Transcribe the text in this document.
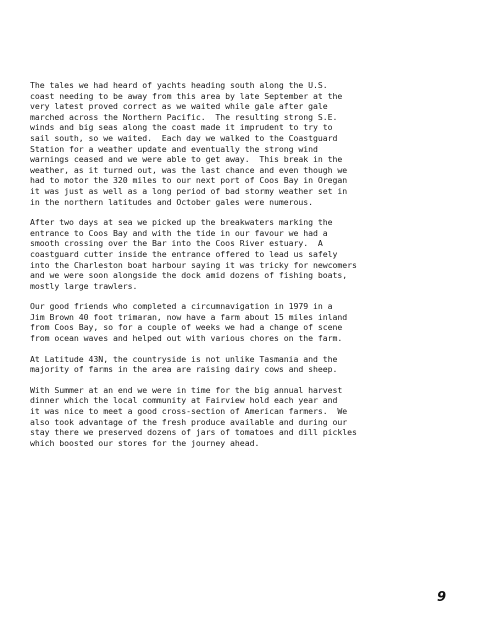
The tales we had heard of yachts heading south along the U.S.
coast needing to be away from this area by late September at the
very latest proved correct as we waited while gale after gale
marched across the Northern Pacific.  The resulting strong S.E.
winds and big seas along the coast made it imprudent to try to
sail south, so we waited.  Each day we walked to the Coastguard
Station for a weather update and eventually the strong wind
warnings ceased and we were able to get away.  This break in the
weather, as it turned out, was the last chance and even though we
had to motor the 320 miles to our next port of Coos Bay in Oregan
it was just as well as a long period of bad stormy weather set in
in the northern latitudes and October gales were numerous.
After two days at sea we picked up the breakwaters marking the
entrance to Coos Bay and with the tide in our favour we had a
smooth crossing over the Bar into the Coos River estuary.  A
coastguard cutter inside the entrance offered to lead us safely
into the Charleston boat harbour saying it was tricky for newcomers
and we were soon alongside the dock amid dozens of fishing boats,
mostly large trawlers.
Our good friends who completed a circumnavigation in 1979 in a
Jim Brown 40 foot trimaran, now have a farm about 15 miles inland
from Coos Bay, so for a couple of weeks we had a change of scene
from ocean waves and helped out with various chores on the farm.
At Latitude 43N, the countryside is not unlike Tasmania and the
majority of farms in the area are raising dairy cows and sheep.
With Summer at an end we were in time for the big annual harvest
dinner which the local community at Fairview hold each year and
it was nice to meet a good cross-section of American farmers.  We
also took advantage of the fresh produce available and during our
stay there we preserved dozens of jars of tomatoes and dill pickles
which boosted our stores for the journey ahead.
9
